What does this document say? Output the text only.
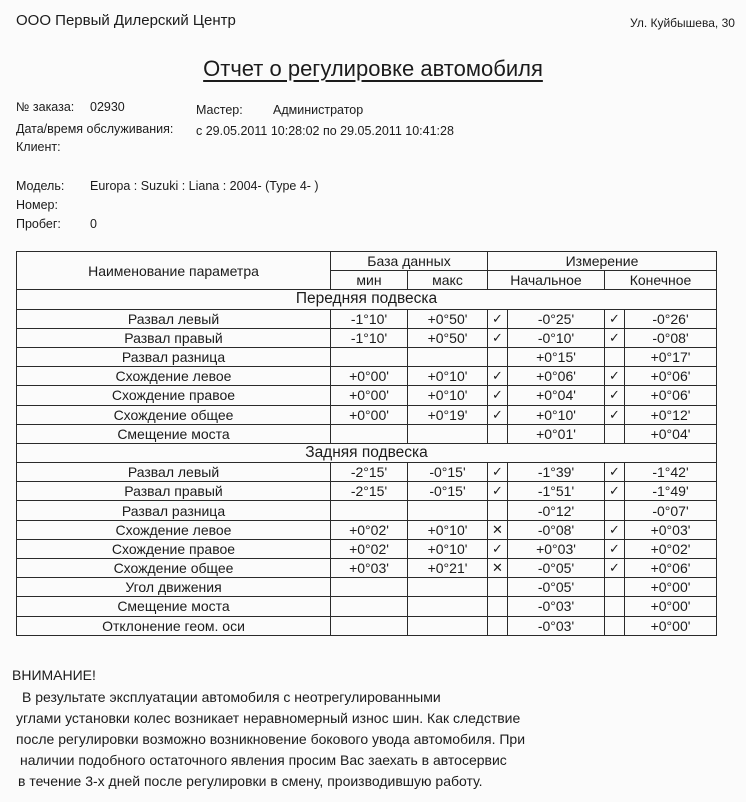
ООО Первый Дилерский Центр	Ул. Куйбышева, 30
Отчет о регулировке автомобиля
№ заказа: 02930	Мастер: Администратор
Дата/время обслуживания: с 29.05.2011 10:28:02 по 29.05.2011 10:41:28
Клиент:
Модель: Europa : Suzuki : Liana : 2004- (Type 4- )
Номер:
Пробег: 0
Наименование параметра	База данных		Измерение			
	мин	макс	Начальное		Конечное	
Передняя подвеска						
Развал левый	-1°10'	+0°50'	✓	-0°25'	✓	-0°26'
Развал правый	-1°10'	+0°50'	✓	-0°10'	✓	-0°08'
Развал разница				+0°15'		+0°17'
Схождение левое	+0°00'	+0°10'	✓	+0°06'	✓	+0°06'
Схождение правое	+0°00'	+0°10'	✓	+0°04'	✓	+0°06'
Схождение общее	+0°00'	+0°19'	✓	+0°10'	✓	+0°12'
Смещение моста				+0°01'		+0°04'
Задняя подвеска						
Развал левый	-2°15'	-0°15'	✓	-1°39'	✓	-1°42'
Развал правый	-2°15'	-0°15'	✓	-1°51'	✓	-1°49'
Развал разница				-0°12'		-0°07'
Схождение левое	+0°02'	+0°10'	✕	-0°08'	✓	+0°03'
Схождение правое	+0°02'	+0°10'	✓	+0°03'	✓	+0°02'
Схождение общее	+0°03'	+0°21'	✕	-0°05'	✓	+0°06'
Угол движения				-0°05'		+0°00'
Смещение моста				-0°03'		+0°00'
Отклонение геом. оси				-0°03'		+0°00'
ВНИМАНИЕ!
В результате эксплуатации автомобиля с неотрегулированными
углами установки колес возникает неравномерный износ шин. Как следствие
после регулировки возможно возникновение бокового увода автомобиля. При
наличии подобного остаточного явления просим Вас заехать в автосервис
в течение 3-х дней после регулировки в смену, производившую работу.
